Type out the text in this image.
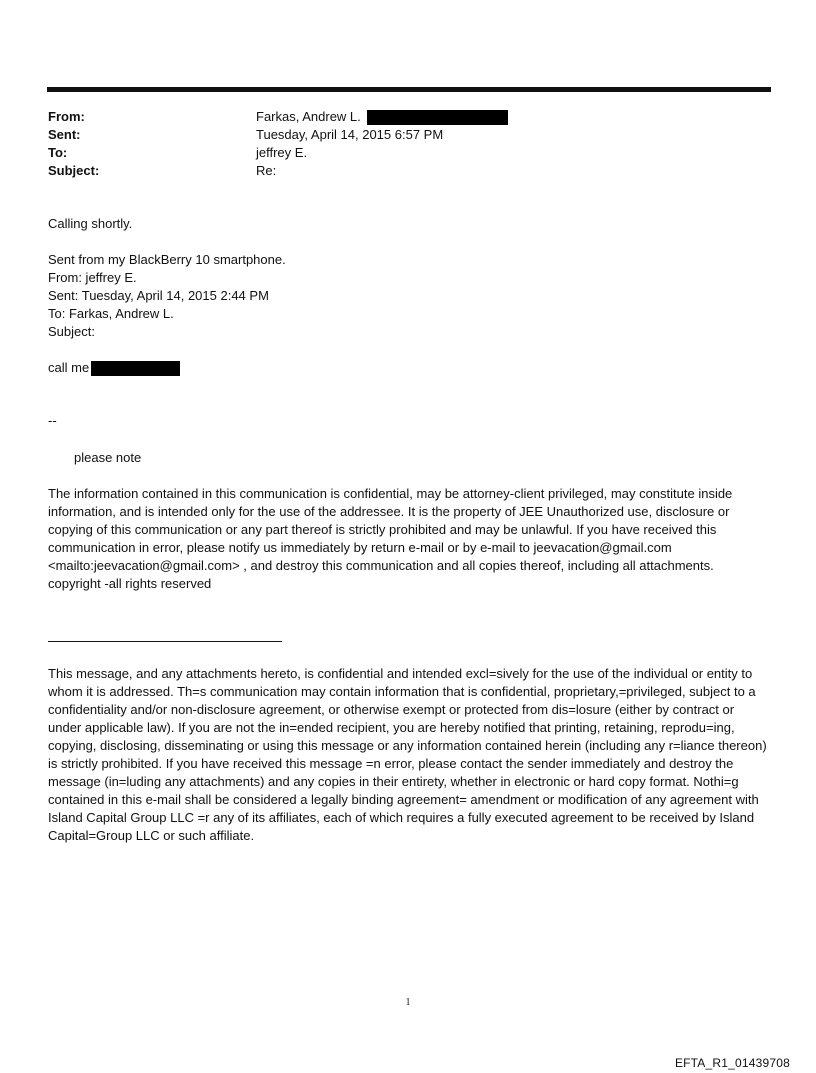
From:	Farkas, Andrew L.
Sent:	Tuesday, April 14, 2015 6:57 PM
To:	jeffrey E.
Subject:	Re:
Calling shortly.
Sent from my BlackBerry 10 smartphone.
From: jeffrey E.
Sent: Tuesday, April 14, 2015 2:44 PM
To: Farkas, Andrew L.
Subject:
call me
--
please note
The information contained in this communication is confidential, may be attorney-client privileged, may constitute inside information, and is intended only for the use of the addressee. It is the property of JEE Unauthorized use, disclosure or copying of this communication or any part thereof is strictly prohibited and may be unlawful. If you have received this communication in error, please notify us immediately by return e-mail or by e-mail to jeevacation@gmail.com <mailto:jeevacation@gmail.com> , and destroy this communication and all copies thereof, including all attachments. copyright -all rights reserved
This message, and any attachments hereto, is confidential and intended excl=sively for the use of the individual or entity to whom it is addressed. Th=s communication may contain information that is confidential, proprietary,=privileged, subject to a confidentiality and/or non-disclosure agreement, or otherwise exempt or protected from dis=losure (either by contract or under applicable law). If you are not the in=ended recipient, you are hereby notified that printing, retaining, reprodu=ing, copying, disclosing, disseminating or using this message or any information contained herein (including any r=liance thereon) is strictly prohibited. If you have received this message =n error, please contact the sender immediately and destroy the message (in=luding any attachments) and any copies in their entirety, whether in electronic or hard copy format. Nothi=g contained in this e-mail shall be considered a legally binding agreement= amendment or modification of any agreement with Island Capital Group LLC =r any of its affiliates, each of which requires a fully executed agreement to be received by Island Capital=Group LLC or such affiliate.
1
EFTA_R1_01439708
